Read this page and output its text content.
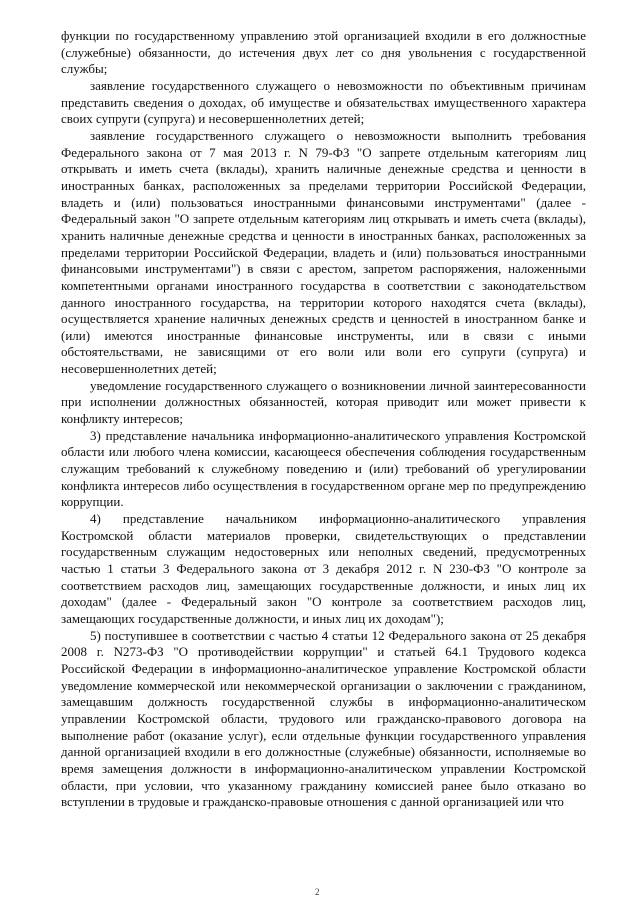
функции по государственному управлению этой организацией входили в его должностные (служебные) обязанности, до истечения двух лет со дня увольнения с государственной службы;

заявление государственного служащего о невозможности по объективным причинам представить сведения о доходах, об имуществе и обязательствах имущественного характера своих супруги (супруга) и несовершеннолетних детей;

заявление государственного служащего о невозможности выполнить требования Федерального закона от 7 мая 2013 г. N 79-ФЗ "О запрете отдельным категориям лиц открывать и иметь счета (вклады), хранить наличные денежные средства и ценности в иностранных банках, расположенных за пределами территории Российской Федерации, владеть и (или) пользоваться иностранными финансовыми инструментами" (далее - Федеральный закон "О запрете отдельным категориям лиц открывать и иметь счета (вклады), хранить наличные денежные средства и ценности в иностранных банках, расположенных за пределами территории Российской Федерации, владеть и (или) пользоваться иностранными финансовыми инструментами") в связи с арестом, запретом распоряжения, наложенными компетентными органами иностранного государства в соответствии с законодательством данного иностранного государства, на территории которого находятся счета (вклады), осуществляется хранение наличных денежных средств и ценностей в иностранном банке и (или) имеются иностранные финансовые инструменты, или в связи с иными обстоятельствами, не зависящими от его воли или воли его супруги (супруга) и несовершеннолетних детей;

уведомление государственного служащего о возникновении личной заинтересованности при исполнении должностных обязанностей, которая приводит или может привести к конфликту интересов;

3) представление начальника информационно-аналитического управления Костромской области или любого члена комиссии, касающееся обеспечения соблюдения государственным служащим требований к служебному поведению и (или) требований об урегулировании конфликта интересов либо осуществления в государственном органе мер по предупреждению коррупции.

4) представление начальником информационно-аналитического управления Костромской области материалов проверки, свидетельствующих о представлении государственным служащим недостоверных или неполных сведений, предусмотренных частью 1 статьи 3 Федерального закона от 3 декабря 2012 г. N 230-ФЗ "О контроле за соответствием расходов лиц, замещающих государственные должности, и иных лиц их доходам" (далее - Федеральный закон "О контроле за соответствием расходов лиц, замещающих государственные должности, и иных лиц их доходам");

5) поступившее в соответствии с частью 4 статьи 12 Федерального закона от 25 декабря 2008 г. N273-ФЗ "О противодействии коррупции" и статьей 64.1 Трудового кодекса Российской Федерации в информационно-аналитическое управление Костромской области уведомление коммерческой или некоммерческой организации о заключении с гражданином, замещавшим должность государственной службы в информационно-аналитическом управлении Костромской области, трудового или гражданско-правового договора на выполнение работ (оказание услуг), если отдельные функции государственного управления данной организацией входили в его должностные (служебные) обязанности, исполняемые во время замещения должности в информационно-аналитическом управлении Костромской области, при условии, что указанному гражданину комиссией ранее было отказано во вступлении в трудовые и гражданско-правовые отношения с данной организацией или что

2
